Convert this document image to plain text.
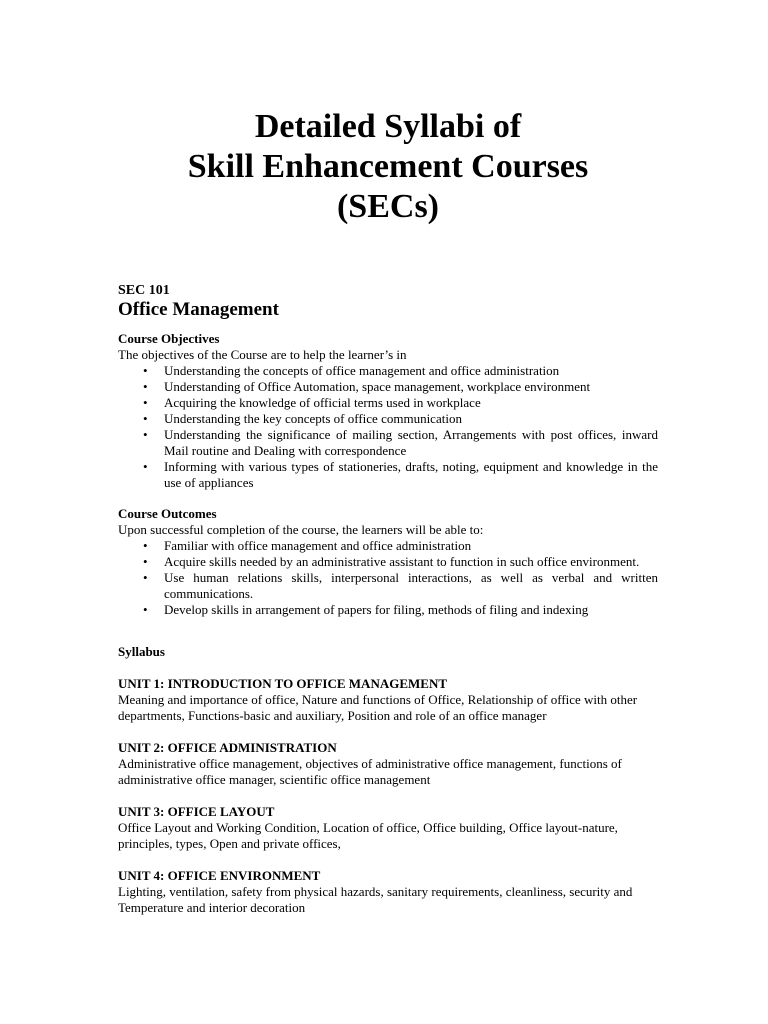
Detailed Syllabi of
Skill Enhancement Courses
(SECs)
SEC 101
Office Management
Course Objectives
The objectives of the Course are to help the learner’s in
• Understanding the concepts of office management and office administration
• Understanding of Office Automation, space management, workplace environment
• Acquiring the knowledge of official terms used in workplace
• Understanding the key concepts of office communication
• Understanding the significance of mailing section, Arrangements with post offices, inward Mail routine and Dealing with correspondence
• Informing with various types of stationeries, drafts, noting, equipment and knowledge in the use of appliances
Course Outcomes
Upon successful completion of the course, the learners will be able to:
• Familiar with office management and office administration
• Acquire skills needed by an administrative assistant to function in such office environment.
• Use human relations skills, interpersonal interactions, as well as verbal and written communications.
• Develop skills in arrangement of papers for filing, methods of filing and indexing
Syllabus
UNIT 1: INTRODUCTION TO OFFICE MANAGEMENT
Meaning and importance of office, Nature and functions of Office, Relationship of office with other departments, Functions-basic and auxiliary, Position and role of an office manager
UNIT 2: OFFICE ADMINISTRATION
Administrative office management, objectives of administrative office management, functions of administrative office manager, scientific office management
UNIT 3: OFFICE LAYOUT
Office Layout and Working Condition, Location of office, Office building, Office layout-nature, principles, types, Open and private offices,
UNIT 4: OFFICE ENVIRONMENT
Lighting, ventilation, safety from physical hazards, sanitary requirements, cleanliness, security and Temperature and interior decoration
